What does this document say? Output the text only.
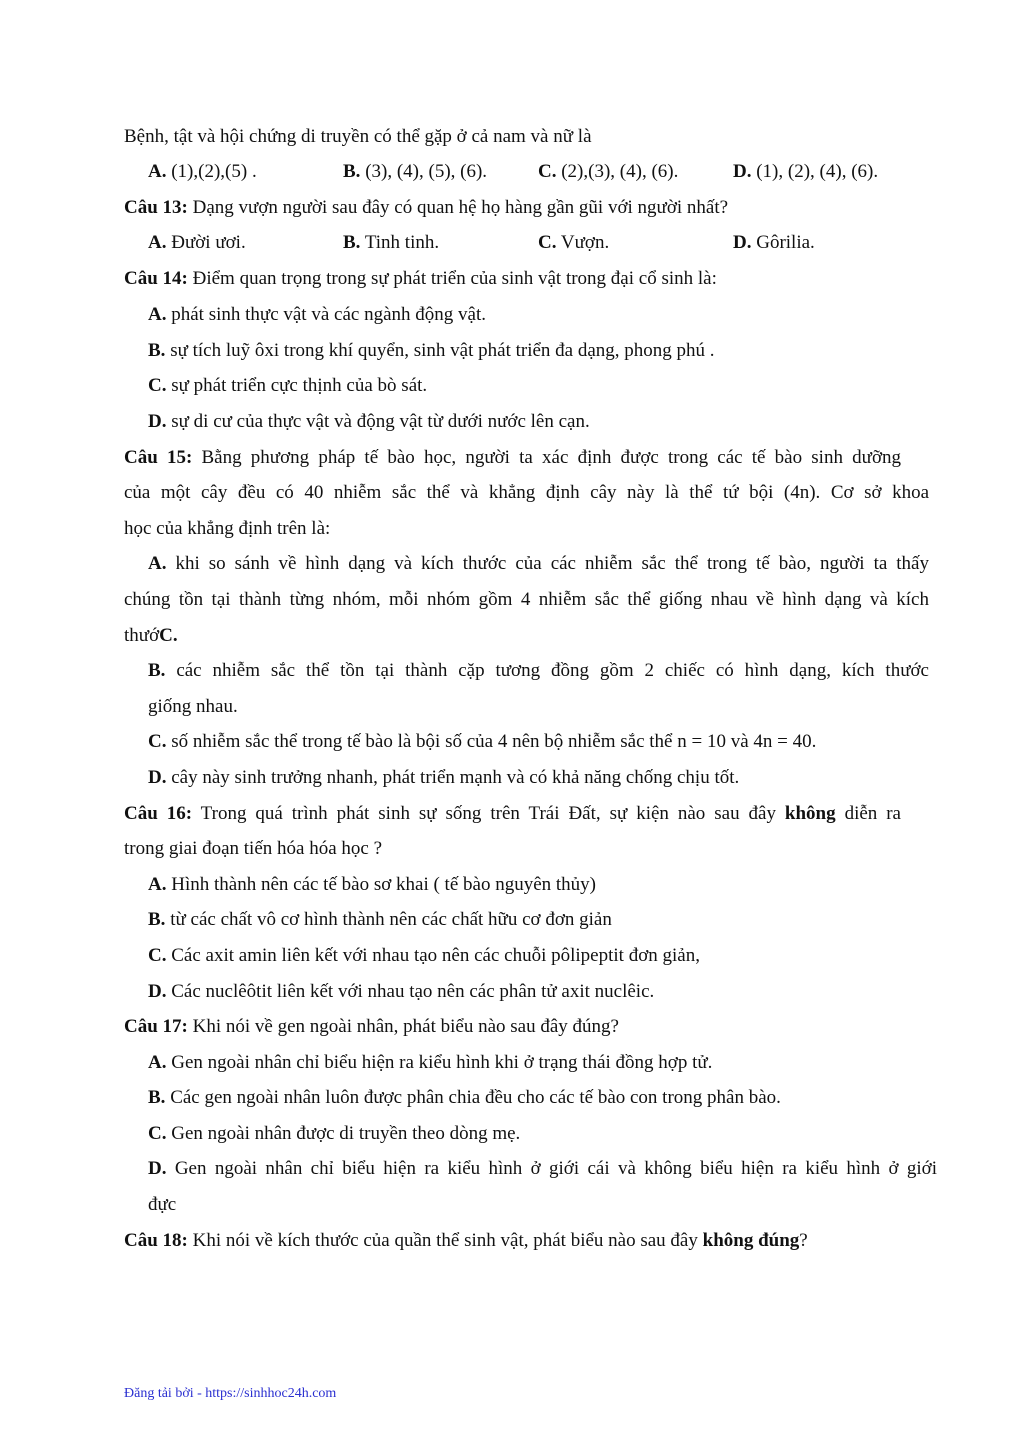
Bệnh, tật và hội chứng di truyền có thể gặp ở cả nam và nữ là
A. (1),(2),(5) .	B. (3), (4), (5), (6).	C. (2),(3), (4), (6).	D. (1), (2), (4), (6).
Câu 13: Dạng vượn người sau đây có quan hệ họ hàng gần gũi với người nhất?
A. Đười ươi.	B. Tinh tinh.	C. Vượn.	D. Gôrilia.
Câu 14: Điểm quan trọng trong sự phát triển của sinh vật trong đại cổ sinh là:
A. phát sinh thực vật và các ngành động vật.
B. sự tích luỹ ôxi trong khí quyển, sinh vật phát triển đa dạng, phong phú .
C. sự phát triển cực thịnh của bò sát.
D. sự di cư của thực vật và động vật từ dưới nước lên cạn.
Câu 15: Bằng phương pháp tế bào học, người ta xác định được trong các tế bào sinh dưỡng
của một cây đều có 40 nhiễm sắc thể và khẳng định cây này là thể tứ bội (4n). Cơ sở khoa
học của khẳng định trên là:
A. khi so sánh về hình dạng và kích thước của các nhiễm sắc thể trong tế bào, người ta thấy
chúng tồn tại thành từng nhóm, mỗi nhóm gồm 4 nhiễm sắc thể giống nhau về hình dạng và kích
thướC.
B. các nhiễm sắc thể tồn tại thành cặp tương đồng gồm 2 chiếc có hình dạng, kích thước
giống nhau.
C. số nhiễm sắc thể trong tế bào là bội số của 4 nên bộ nhiễm sắc thể n = 10 và 4n = 40.
D. cây này sinh trưởng nhanh, phát triển mạnh và có khả năng chống chịu tốt.
Câu 16: Trong quá trình phát sinh sự sống trên Trái Đất, sự kiện nào sau đây không diễn ra
trong giai đoạn tiến hóa hóa học ?
A. Hình thành nên các tế bào sơ khai ( tế bào nguyên thủy)
B. từ các chất vô cơ hình thành nên các chất hữu cơ đơn giản
C. Các axit amin liên kết với nhau tạo nên các chuỗi pôlipeptit đơn giản,
D. Các nuclêôtit liên kết với nhau tạo nên các phân tử axit nuclêic.
Câu 17: Khi nói về gen ngoài nhân, phát biểu nào sau đây đúng?
A. Gen ngoài nhân chỉ biểu hiện ra kiểu hình khi ở trạng thái đồng hợp tử.
B. Các gen ngoài nhân luôn được phân chia đều cho các tế bào con trong phân bào.
C. Gen ngoài nhân được di truyền theo dòng mẹ.
D. Gen ngoài nhân chỉ biểu hiện ra kiểu hình ở giới cái và không biểu hiện ra kiểu hình ở giới
đực
Câu 18: Khi nói về kích thước của quần thể sinh vật, phát biểu nào sau đây không đúng?
Đăng tải bởi - https://sinhhoc24h.com
